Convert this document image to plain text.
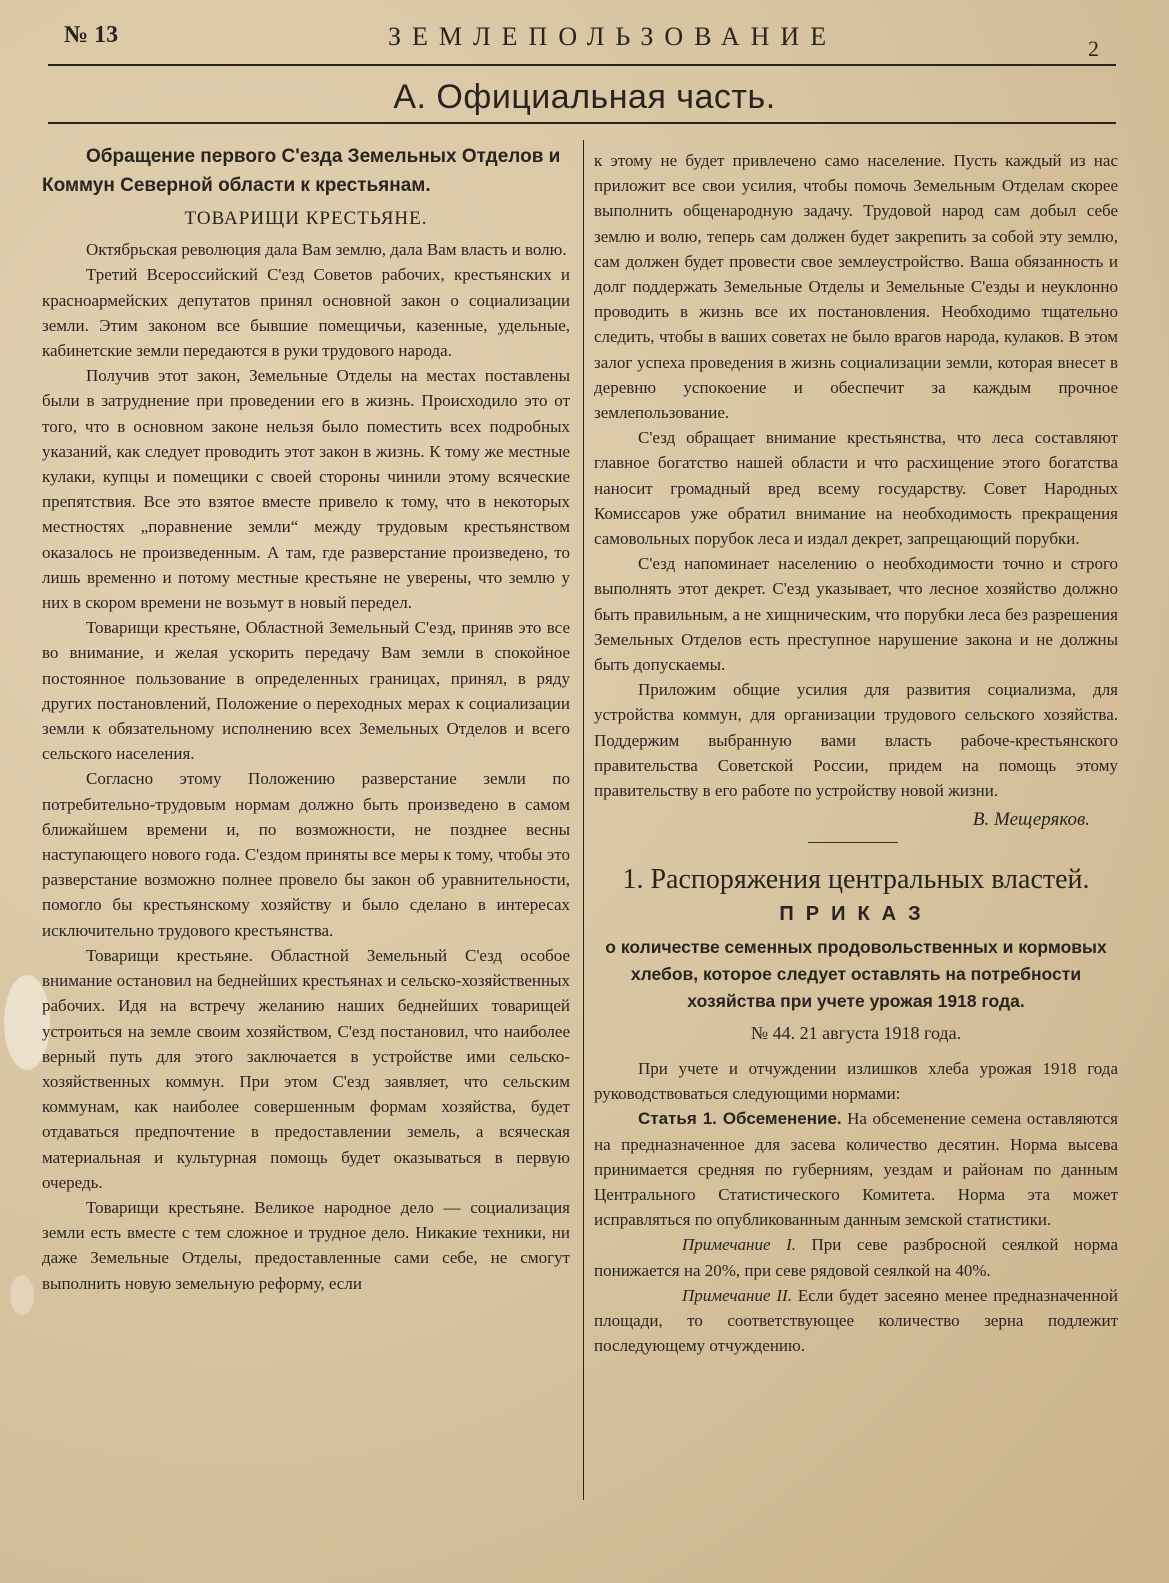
№ 13	ЗЕМЛЕПОЛЬЗОВАНИЕ	2
А. Официальная часть.

Обращение первого С'езда Земельных Отделов и Коммун Северной области к крестьянам.

ТОВАРИЩИ КРЕСТЬЯНЕ.

Октябрьская революция дала Вам землю, дала Вам власть и волю.

Третий Всероссийский С'езд Советов рабочих, крестьянских и красноармейских депутатов принял основной закон о социализации земли. Этим законом все бывшие помещичьи, казенные, удельные, кабинетские земли передаются в руки трудового народа.

Получив этот закон, Земельные Отделы на местах поставлены были в затруднение при проведении его в жизнь. Происходило это от того, что в основном законе нельзя было поместить всех подробных указаний, как следует проводить этот закон в жизнь. К тому же местные кулаки, купцы и помещики с своей стороны чинили этому всяческие препятствия. Все это взятое вместе привело к тому, что в некоторых местностях „поравнение земли“ между трудовым крестьянством оказалось не произведенным. А там, где разверстание произведено, то лишь временно и потому местные крестьяне не уверены, что землю у них в скором времени не возьмут в новый передел.

Товарищи крестьяне, Областной Земельный С'езд, приняв это все во внимание, и желая ускорить передачу Вам земли в спокойное постоянное пользование в определенных границах, принял, в ряду других постановлений, Положение о переходных мерах к социализации земли к обязательному исполнению всех Земельных Отделов и всего сельского населения.

Согласно этому Положению разверстание земли по потребительно-трудовым нормам должно быть произведено в самом ближайшем времени и, по возможности, не позднее весны наступающего нового года. С'ездом приняты все меры к тому, чтобы это разверстание возможно полнее провело бы закон об уравнительности, помогло бы крестьянскому хозяйству и было сделано в интересах исключительно трудового крестьянства.

Товарищи крестьяне. Областной Земельный С'езд особое внимание остановил на беднейших крестьянах и сельско-хозяйственных рабочих. Идя на встречу желанию наших беднейших товарищей устроиться на земле своим хозяйством, С'езд постановил, что наиболее верный путь для этого заключается в устройстве ими сельско-хозяйственных коммун. При этом С'езд заявляет, что сельским коммунам, как наиболее совершенным формам хозяйства, будет отдаваться предпочтение в предоставлении земель, а всяческая материальная и культурная помощь будет оказываться в первую очередь.

Товарищи крестьяне. Великое народное дело — социализация земли есть вместе с тем сложное и трудное дело. Никакие техники, ни даже Земельные Отделы, предоставленные сами себе, не смогут выполнить новую земельную реформу, если

к этому не будет привлечено само население. Пусть каждый из нас приложит все свои усилия, чтобы помочь Земельным Отделам скорее выполнить общенародную задачу. Трудовой народ сам добыл себе землю и волю, теперь сам должен будет закрепить за собой эту землю, сам должен будет провести свое землеустройство. Ваша обязанность и долг поддержать Земельные Отделы и Земельные С'езды и неуклонно проводить в жизнь все их постановления. Необходимо тщательно следить, чтобы в ваших советах не было врагов народа, кулаков. В этом залог успеха проведения в жизнь социализации земли, которая внесет в деревню успокоение и обеспечит за каждым прочное землепользование.

С'езд обращает внимание крестьянства, что леса составляют главное богатство нашей области и что расхищение этого богатства наносит громадный вред всему государству. Совет Народных Комиссаров уже обратил внимание на необходимость прекращения самовольных порубок леса и издал декрет, запрещающий порубки.

С'езд напоминает населению о необходимости точно и строго выполнять этот декрет. С'езд указывает, что лесное хозяйство должно быть правильным, а не хищническим, что порубки леса без разрешения Земельных Отделов есть преступное нарушение закона и не должны быть допускаемы.

Приложим общие усилия для развития социализма, для устройства коммун, для организации трудового сельского хозяйства. Поддержим выбранную вами власть рабоче-крестьянского правительства Советской России, придем на помощь этому правительству в его работе по устройству новой жизни.

В. Мещеряков.

1. Распоряжения центральных властей.

ПРИКАЗ

о количестве семенных продовольственных и кормовых хлебов, которое следует оставлять на потребности хозяйства при учете урожая 1918 года.

№ 44. 21 августа 1918 года.

При учете и отчуждении излишков хлеба урожая 1918 года руководствоваться следующими нормами:

Статья 1. Обсеменение. На обсеменение семена оставляются на предназначенное для засева количество десятин. Норма высева принимается средняя по губерниям, уездам и районам по данным Центрального Статистического Комитета. Норма эта может исправляться по опубликованным данным земской статистики.

Примечание I. При севе разбросной сеялкой норма понижается на 20%, при севе рядовой сеялкой на 40%.

Примечание II. Если будет засеяно менее предназначенной площади, то соответствующее количество зерна подлежит последующему отчуждению.
